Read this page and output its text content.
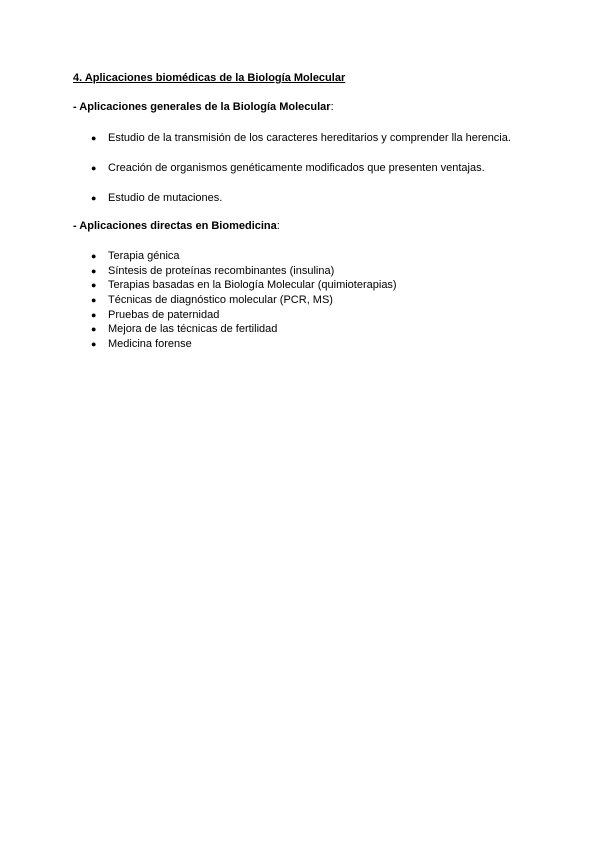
4. Aplicaciones biomédicas de la Biología Molecular

- Aplicaciones generales de la Biología Molecular:

● Estudio de la transmisión de los caracteres hereditarios y comprender lla herencia.
● Creación de organismos genéticamente modificados que presenten ventajas.
● Estudio de mutaciones.

- Aplicaciones directas en Biomedicina:

● Terapia génica
● Síntesis de proteínas recombinantes (insulina)
● Terapias basadas en la Biología Molecular (quimioterapias)
● Técnicas de diagnóstico molecular (PCR, MS)
● Pruebas de paternidad
● Mejora de las técnicas de fertilidad
● Medicina forense
